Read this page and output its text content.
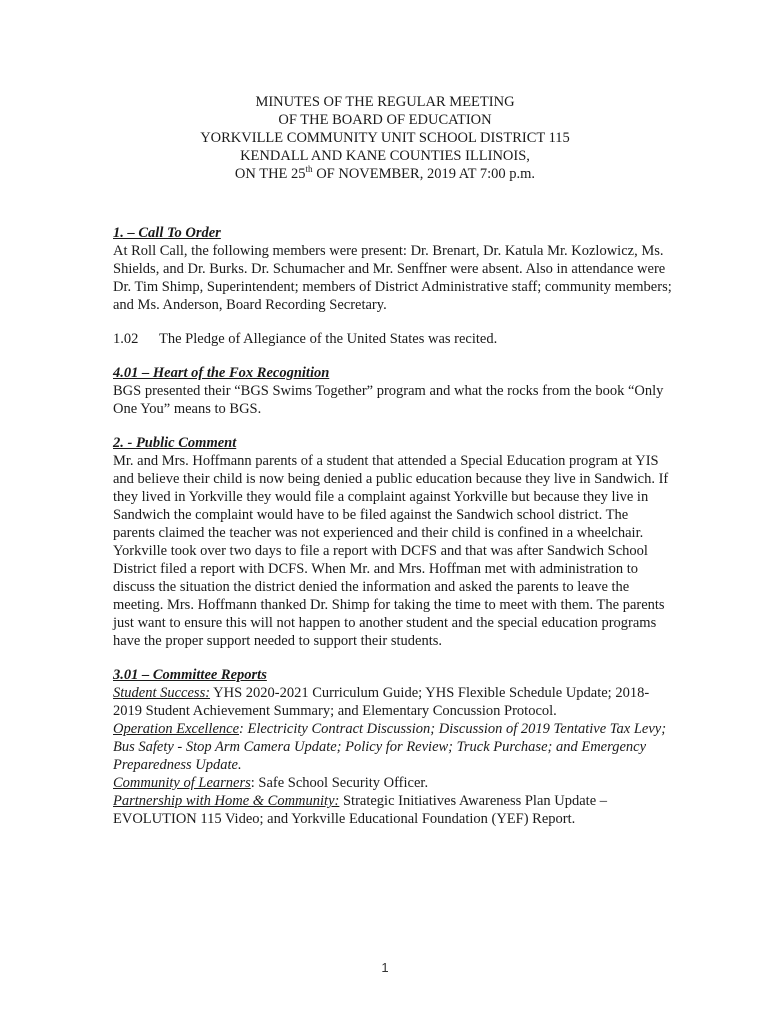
MINUTES OF THE REGULAR MEETING
OF THE BOARD OF EDUCATION
YORKVILLE COMMUNITY UNIT SCHOOL DISTRICT 115
KENDALL AND KANE COUNTIES ILLINOIS,
ON THE 25th OF NOVEMBER, 2019 AT 7:00 p.m.

1. – Call To Order

At Roll Call, the following members were present: Dr. Brenart, Dr. Katula Mr. Kozlowicz, Ms. Shields, and Dr. Burks. Dr. Schumacher and Mr. Senffner were absent. Also in attendance were Dr. Tim Shimp, Superintendent; members of District Administrative staff; community members; and Ms. Anderson, Board Recording Secretary.

1.02	The Pledge of Allegiance of the United States was recited.

4.01 – Heart of the Fox Recognition

BGS presented their “BGS Swims Together” program and what the rocks from the book “Only One You” means to BGS.

2. - Public Comment

Mr. and Mrs. Hoffmann parents of a student that attended a Special Education program at YIS and believe their child is now being denied a public education because they live in Sandwich. If they lived in Yorkville they would file a complaint against Yorkville but because they live in Sandwich the complaint would have to be filed against the Sandwich school district. The parents claimed the teacher was not experienced and their child is confined in a wheelchair. Yorkville took over two days to file a report with DCFS and that was after Sandwich School District filed a report with DCFS. When Mr. and Mrs. Hoffman met with administration to discuss the situation the district denied the information and asked the parents to leave the meeting. Mrs. Hoffmann thanked Dr. Shimp for taking the time to meet with them. The parents just want to ensure this will not happen to another student and the special education programs have the proper support needed to support their students.

3.01 – Committee Reports

Student Success: YHS 2020-2021 Curriculum Guide; YHS Flexible Schedule Update; 2018-2019 Student Achievement Summary; and Elementary Concussion Protocol.

Operation Excellence: Electricity Contract Discussion; Discussion of 2019 Tentative Tax Levy; Bus Safety - Stop Arm Camera Update; Policy for Review; Truck Purchase; and Emergency Preparedness Update.

Community of Learners: Safe School Security Officer.

Partnership with Home & Community: Strategic Initiatives Awareness Plan Update – EVOLUTION 115 Video; and Yorkville Educational Foundation (YEF) Report.

1
